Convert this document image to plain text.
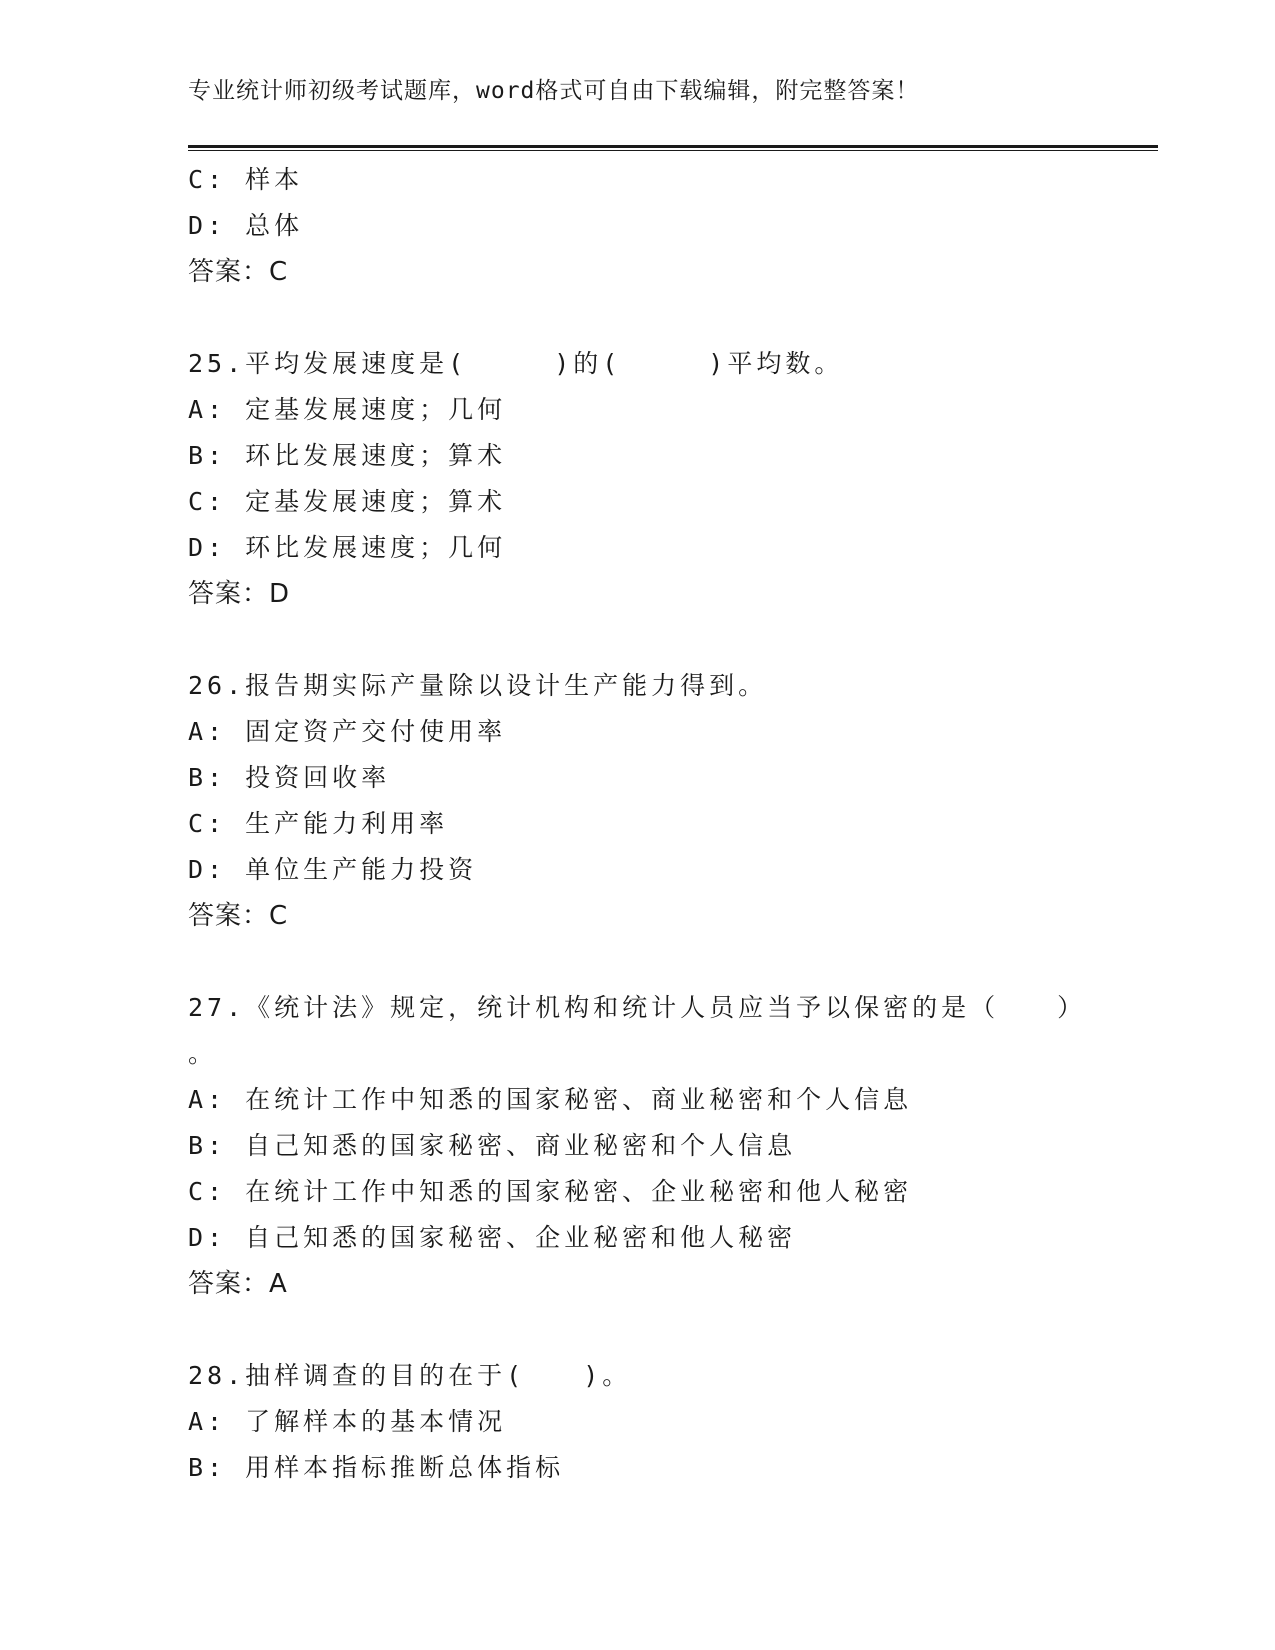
专业统计师初级考试题库，word格式可自由下载编辑，附完整答案！
C: 样本
D: 总体
答案：C
25.平均发展速度是(　　　)的(　　　)平均数。
A: 定基发展速度；几何
B: 环比发展速度；算术
C: 定基发展速度；算术
D: 环比发展速度；几何
答案：D
26.报告期实际产量除以设计生产能力得到。
A: 固定资产交付使用率
B: 投资回收率
C: 生产能力利用率
D: 单位生产能力投资
答案：C
27.《统计法》规定，统计机构和统计人员应当予以保密的是（　　）
。
A: 在统计工作中知悉的国家秘密、商业秘密和个人信息
B: 自己知悉的国家秘密、商业秘密和个人信息
C: 在统计工作中知悉的国家秘密、企业秘密和他人秘密
D: 自己知悉的国家秘密、企业秘密和他人秘密
答案：A
28.抽样调查的目的在于(　　)。
A: 了解样本的基本情况
B: 用样本指标推断总体指标
